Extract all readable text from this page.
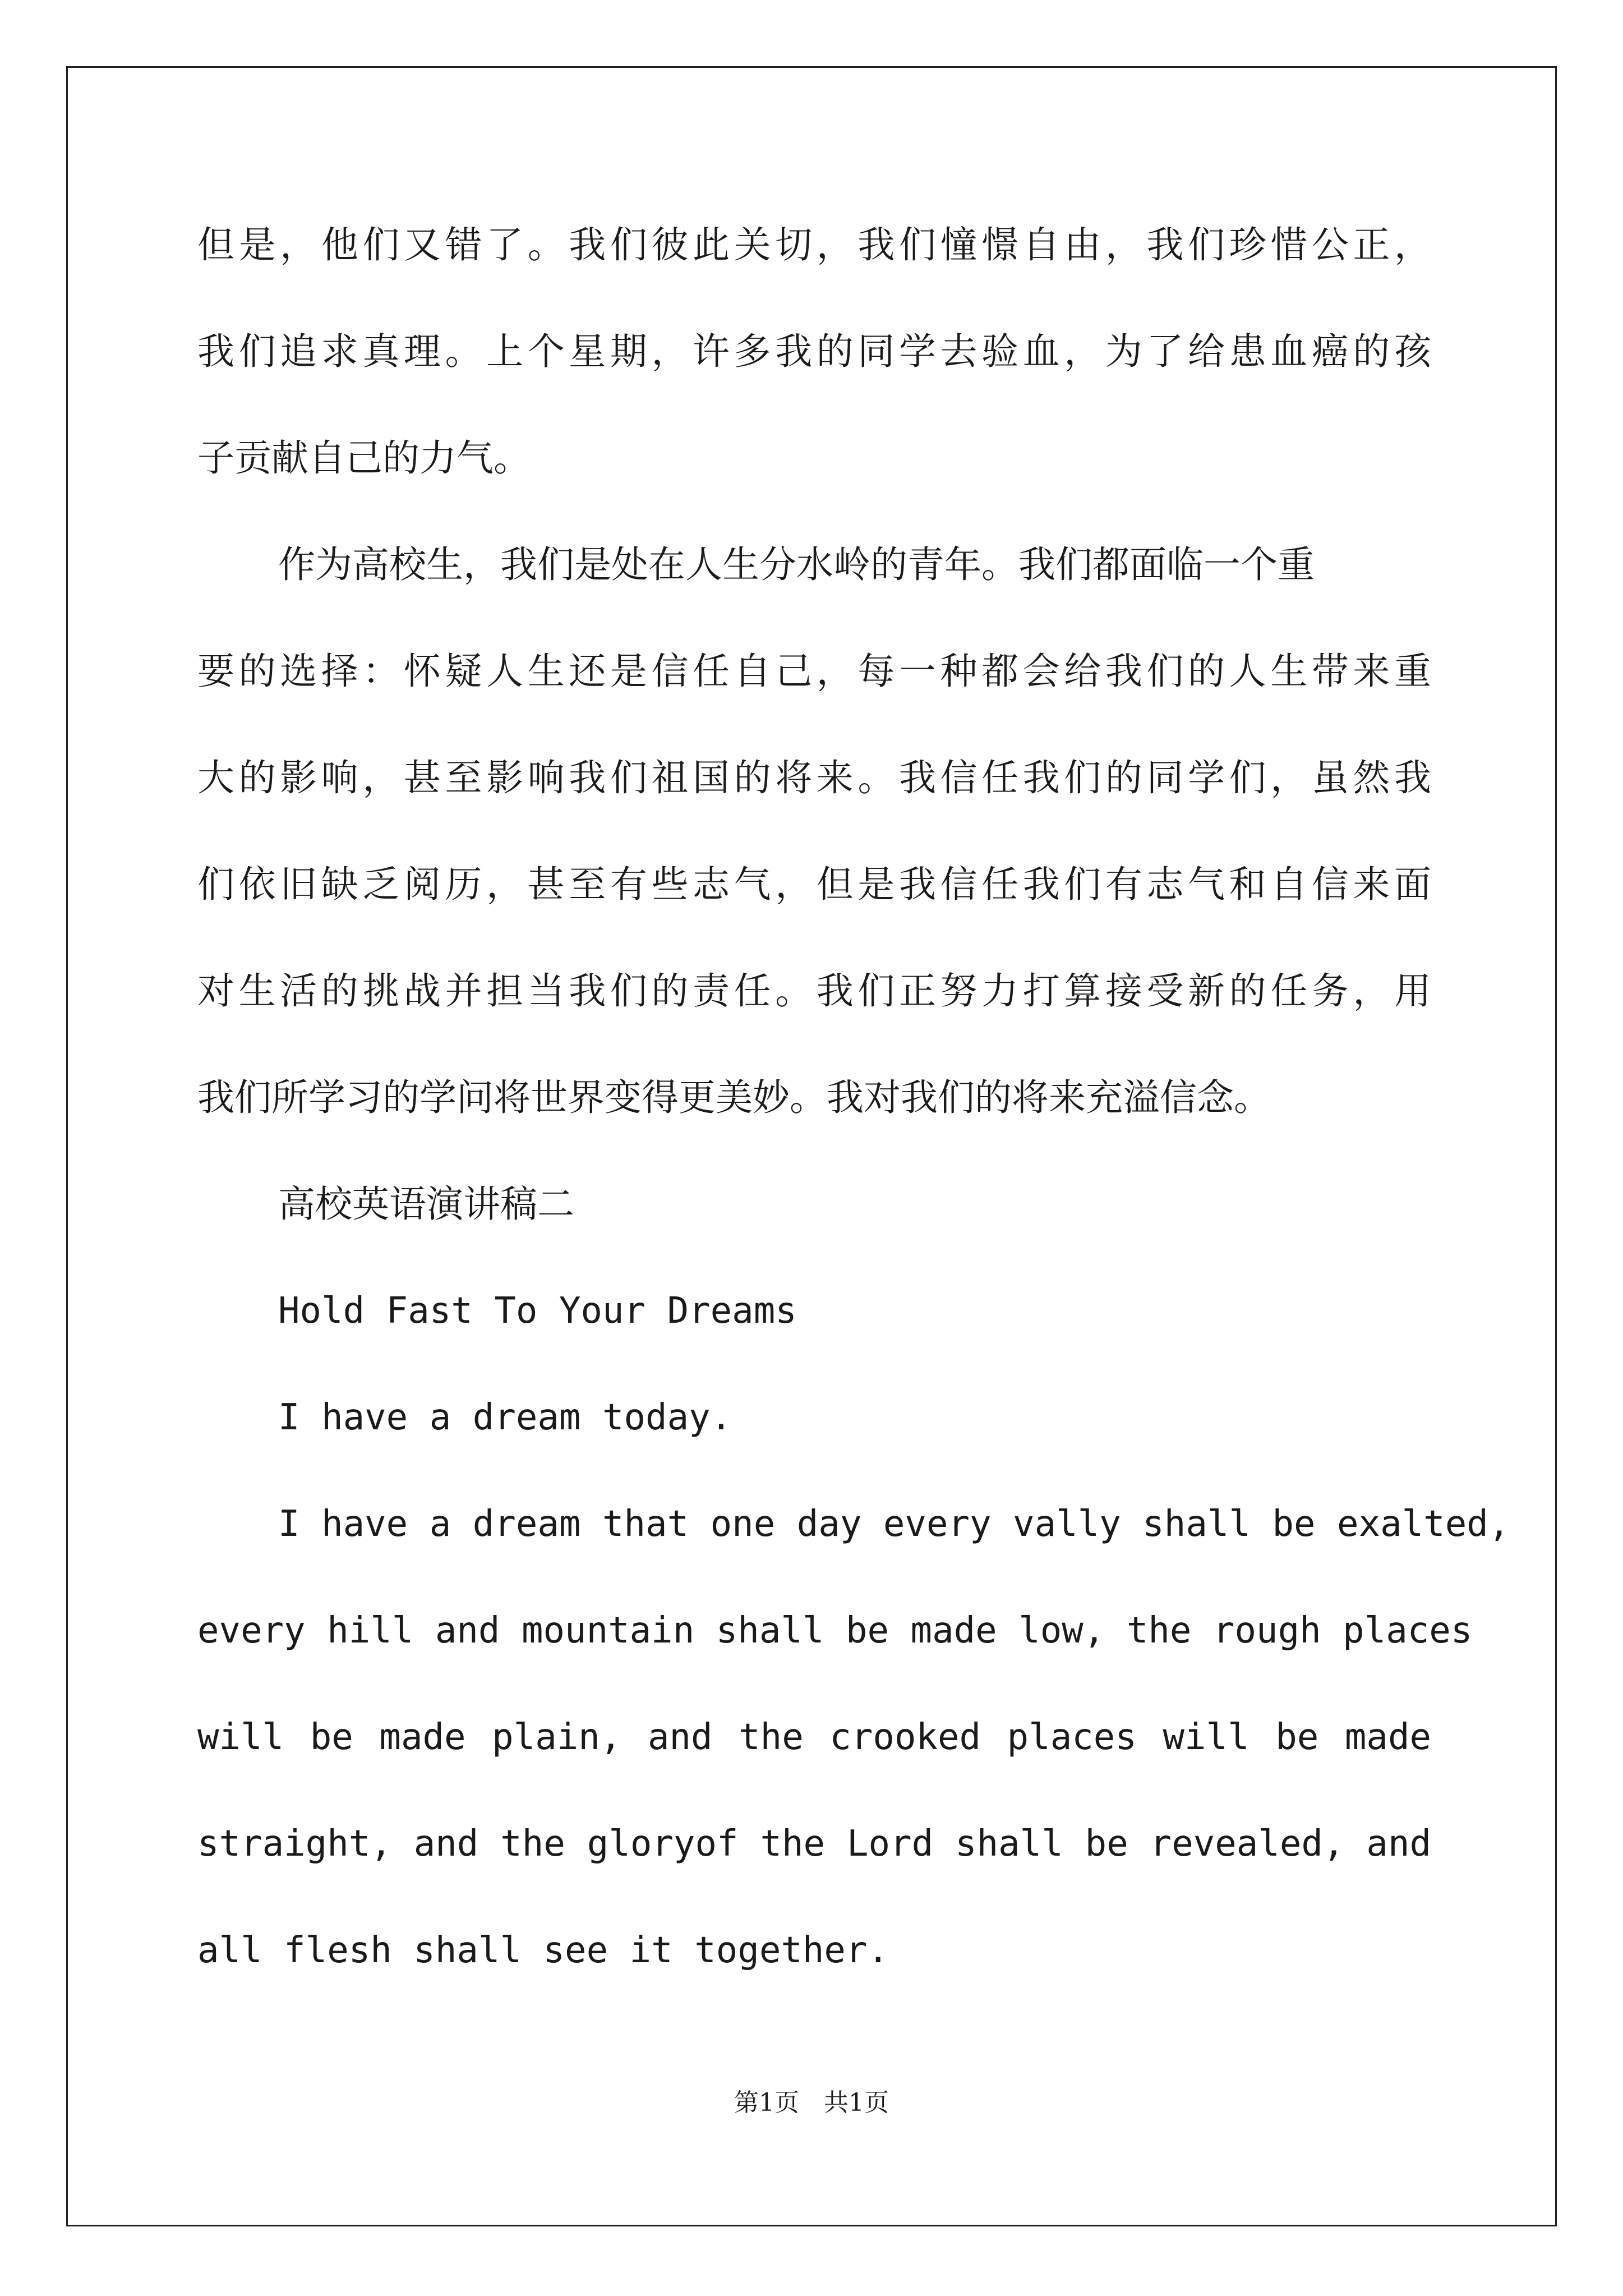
但是，他们又错了。我们彼此关切，我们憧憬自由，我们珍惜公正，
我们追求真理。上个星期，许多我的同学去验血，为了给患血癌的孩
子贡献自己的力气。
作为高校生，我们是处在人生分水岭的青年。我们都面临一个重
要的选择：怀疑人生还是信任自己，每一种都会给我们的人生带来重
大的影响，甚至影响我们祖国的将来。我信任我们的同学们，虽然我
们依旧缺乏阅历，甚至有些志气，但是我信任我们有志气和自信来面
对生活的挑战并担当我们的责任。我们正努力打算接受新的任务，用
我们所学习的学问将世界变得更美妙。我对我们的将来充溢信念。
高校英语演讲稿二
Hold Fast To Your Dreams
I have a dream today.
I have a dream that one day every vally shall be exalted,
every hill and mountain shall be made low, the rough places
will be made plain, and the crooked places will be made
straight, and the gloryof the Lord shall be revealed, and
all flesh shall see it together.
第1页　共1页
